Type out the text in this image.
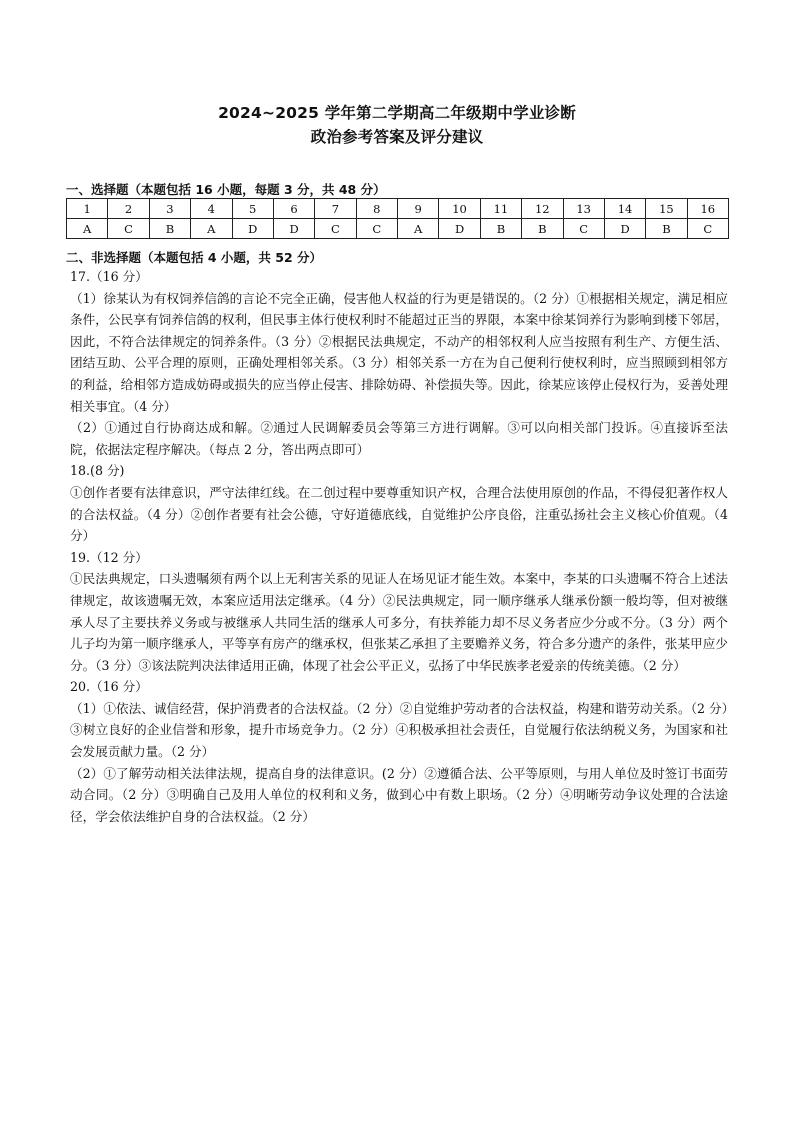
2024~2025 学年第二学期高二年级期中学业诊断
政治参考答案及评分建议
一、选择题（本题包括 16 小题，每题 3 分，共 48 分）
1	2	3	4	5	6	7	8	9	10	11	12	13	14	15	16
A	C	B	A	D	D	C	C	A	D	B	B	C	D	B	C
二、非选择题（本题包括 4 小题，共 52 分）

17.（16 分）

（1）徐某认为有权饲养信鸽的言论不完全正确，侵害他人权益的行为更是错误的。（2 分）①根据相关规定，满足相应条件，公民享有饲养信鸽的权利，但民事主体行使权利时不能超过正当的界限，本案中徐某饲养行为影响到楼下邻居，因此，不符合法律规定的饲养条件。（3 分）②根据民法典规定，不动产的相邻权利人应当按照有利生产、方便生活、团结互助、公平合理的原则，正确处理相邻关系。（3 分）相邻关系一方在为自己便利行使权利时，应当照顾到相邻方的利益，给相邻方造成妨碍或损失的应当停止侵害、排除妨碍、补偿损失等。因此，徐某应该停止侵权行为，妥善处理相关事宜。（4 分）

（2）①通过自行协商达成和解。②通过人民调解委员会等第三方进行调解。③可以向相关部门投诉。④直接诉至法院，依据法定程序解决。（每点 2 分，答出两点即可）

18.(8 分)

①创作者要有法律意识，严守法律红线。在二创过程中要尊重知识产权，合理合法使用原创的作品，不得侵犯著作权人的合法权益。（4 分）②创作者要有社会公德，守好道德底线，自觉维护公序良俗，注重弘扬社会主义核心价值观。（4 分）

19.（12 分）

①民法典规定，口头遗嘱须有两个以上无利害关系的见证人在场见证才能生效。本案中，李某的口头遗嘱不符合上述法律规定，故该遗嘱无效，本案应适用法定继承。（4 分）②民法典规定，同一顺序继承人继承份额一般均等，但对被继承人尽了主要扶养义务或与被继承人共同生活的继承人可多分，有扶养能力却不尽义务者应少分或不分。（3 分）两个儿子均为第一顺序继承人，平等享有房产的继承权，但张某乙承担了主要赡养义务，符合多分遗产的条件，张某甲应少分。（3 分）③该法院判决法律适用正确，体现了社会公平正义，弘扬了中华民族孝老爱亲的传统美德。（2 分）

20.（16 分）

（1）①依法、诚信经营，保护消费者的合法权益。（2 分）②自觉维护劳动者的合法权益，构建和谐劳动关系。（2 分）③树立良好的企业信誉和形象，提升市场竞争力。（2 分）④积极承担社会责任，自觉履行依法纳税义务，为国家和社会发展贡献力量。（2 分）

（2）①了解劳动相关法律法规，提高自身的法律意识。(2 分）②遵循合法、公平等原则，与用人单位及时签订书面劳动合同。（2 分）③明确自己及用人单位的权利和义务，做到心中有数上职场。（2 分）④明晰劳动争议处理的合法途径，学会依法维护自身的合法权益。（2 分）
